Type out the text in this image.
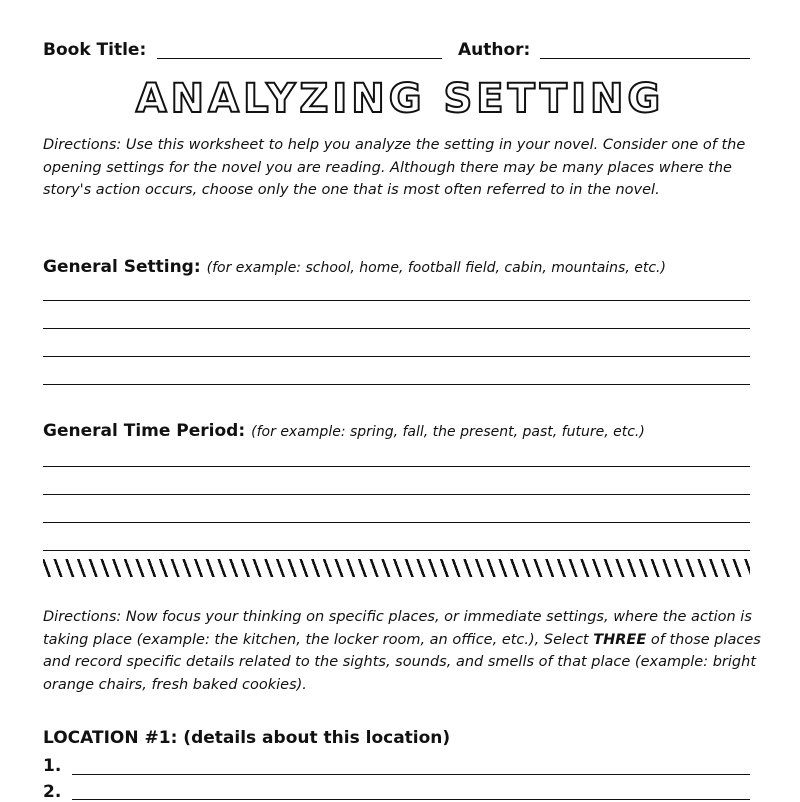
Book Title:	Author:
ANALYZING SETTING
Directions: Use this worksheet to help you analyze the setting in your novel. Consider one of the opening settings for the novel you are reading. Although there may be many places where the story's action occurs, choose only the one that is most often referred to in the novel.
General Setting: (for example: school, home, football field, cabin, mountains, etc.)
General Time Period: (for example: spring, fall, the present, past, future, etc.)
Directions: Now focus your thinking on specific places, or immediate settings, where the action is taking place (example: the kitchen, the locker room, an office, etc.), Select THREE of those places and record specific details related to the sights, sounds, and smells of that place (example: bright orange chairs, fresh baked cookies).
LOCATION #1: (details about this location)
1.
2.
